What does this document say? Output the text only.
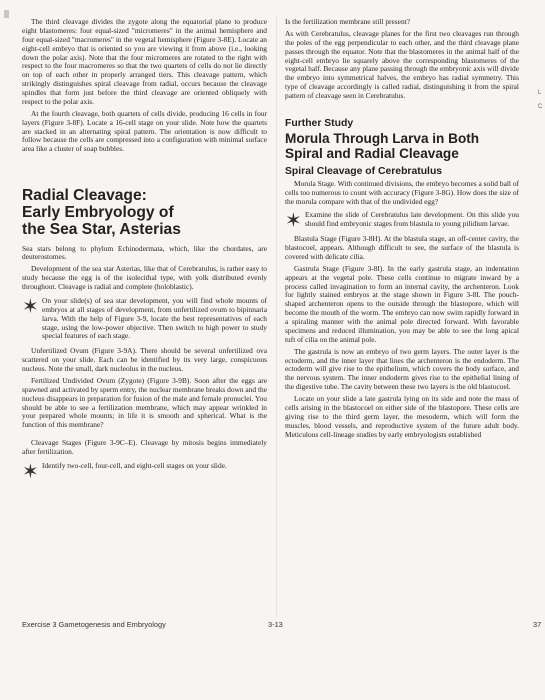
The third cleavage divides the zygote along the equatorial plane to produce eight blastomeres: four equal-sized "micromeres" in the animal hemisphere and four equal-sized "macromeres" in the vegetal hemisphere (Figure 3-8E). Locate an eight-cell embryo that is oriented so you are viewing it from above (i.e., looking down the polar axis). Note that the four micromeres are rotated to the right with respect to the four macromeres so that the two quartets of cells do not lie directly on top of each other in properly arranged tiers. This cleavage pattern, which strikingly distinguishes spiral cleavage from radial, occurs because the cleavage spindles that form just before the third cleavage are oriented obliquely with respect to the polar axis.

At the fourth cleavage, both quartets of cells divide, producing 16 cells in four layers (Figure 3-8F). Locate a 16-cell stage on your slide. Note how the quartets are stacked in an alternating spiral pattern. The orientation is now difficult to follow because the cells are compressed into a configuration with minimal surface area like a cluster of soap bubbles.

Radial Cleavage:
Early Embryology of
the Sea Star, Asterias

Sea stars belong to phylum Echinodermata, which, like the chordates, are deuterostomes.

Development of the sea star Asterias, like that of Cerebratulus, is rather easy to study because the egg is of the isolecithal type, with yolk distributed evenly throughout. Cleavage is radial and complete (holoblastic).

✶ On your slide(s) of sea star development, you will find whole mounts of embryos at all stages of development, from unfertilized ovum to bipinnaria larva. With the help of Figure 3-9, locate the best representatives of each stage, using the low-power objective. Then switch to high power to study special features of each stage.

Unfertilized Ovum (Figure 3-9A). There should be several unfertilized ova scattered on your slide. Each can be identified by its very large, conspicuous nucleus. Note the small, dark nucleolus in the nucleus.

Fertilized Undivided Ovum (Zygote) (Figure 3-9B). Soon after the eggs are spawned and activated by sperm entry, the nuclear membrane breaks down and the nucleus disappears in preparation for fusion of the male and female pronuclei. You should be able to see a fertilization membrane, which may appear wrinkled in your prepared whole mounts; in life it is smooth and spherical. What is the function of this membrane?

Cleavage Stages (Figure 3-9C–E). Cleavage by mitosis begins immediately after fertilization.

✶ Identify two-cell, four-cell, and eight-cell stages on your slide.

Is the fertilization membrane still present?

As with Cerebratulus, cleavage planes for the first two cleavages run through the poles of the egg perpendicular to each other, and the third cleavage plane passes through the equator. Note that the blastomeres in the animal half of the eight-cell embryo lie squarely above the corresponding blastomeres of the vegetal half. Because any plane passing through the embryonic axis will divide the embryo into symmetrical halves, the embryo has radial symmetry. This type of cleavage accordingly is called radial, distinguishing it from the spiral pattern of cleavage seen in Cerebratulus.

Further Study
Morula Through Larva in Both
Spiral and Radial Cleavage
Spiral Cleavage of Cerebratulus

Morula Stage. With continued divisions, the embryo becomes a solid ball of cells too numerous to count with accuracy (Figure 3-8G). How does the size of the morula compare with that of the undivided egg?

✶ Examine the slide of Cerebratulus late development. On this slide you should find embryonic stages from blastula to young pilidium larvae.

Blastula Stage (Figure 3-8H). At the blastula stage, an off-center cavity, the blastocoel, appears. Although difficult to see, the surface of the blastula is covered with delicate cilia.

Gastrula Stage (Figure 3-8I). In the early gastrula stage, an indentation appears at the vegetal pole. These cells continue to migrate inward by a process called invagination to form an internal cavity, the archenteron. Look for lightly stained embryos at the stage shown in Figure 3-8I. The pouch-shaped archenteron opens to the outside through the blastopore, which will become the mouth of the worm. The embryo can now swim rapidly forward in a spiraling manner with the animal pole directed forward. With favorable specimens and reduced illumination, you may be able to see the long apical tuft of cilia on the animal pole.

The gastrula is now an embryo of two germ layers. The outer layer is the ectoderm, and the inner layer that lines the archenteron is the endoderm. The ectoderm will give rise to the epithelium, which covers the body surface, and the nervous system. The inner endoderm gives rise to the epithelial lining of the digestive tube. The cavity between these two layers is the old blastocoel.

Locate on your slide a late gastrula lying on its side and note the mass of cells arising in the blastocoel on either side of the blastopore. These cells are giving rise to the third germ layer, the mesoderm, which will form the muscles, blood vessels, and reproductive system of the future adult body. Meticulous cell-lineage studies by early embryologists established

Exercise 3 Gametogenesis and Embryology	3-13	37
L
C
